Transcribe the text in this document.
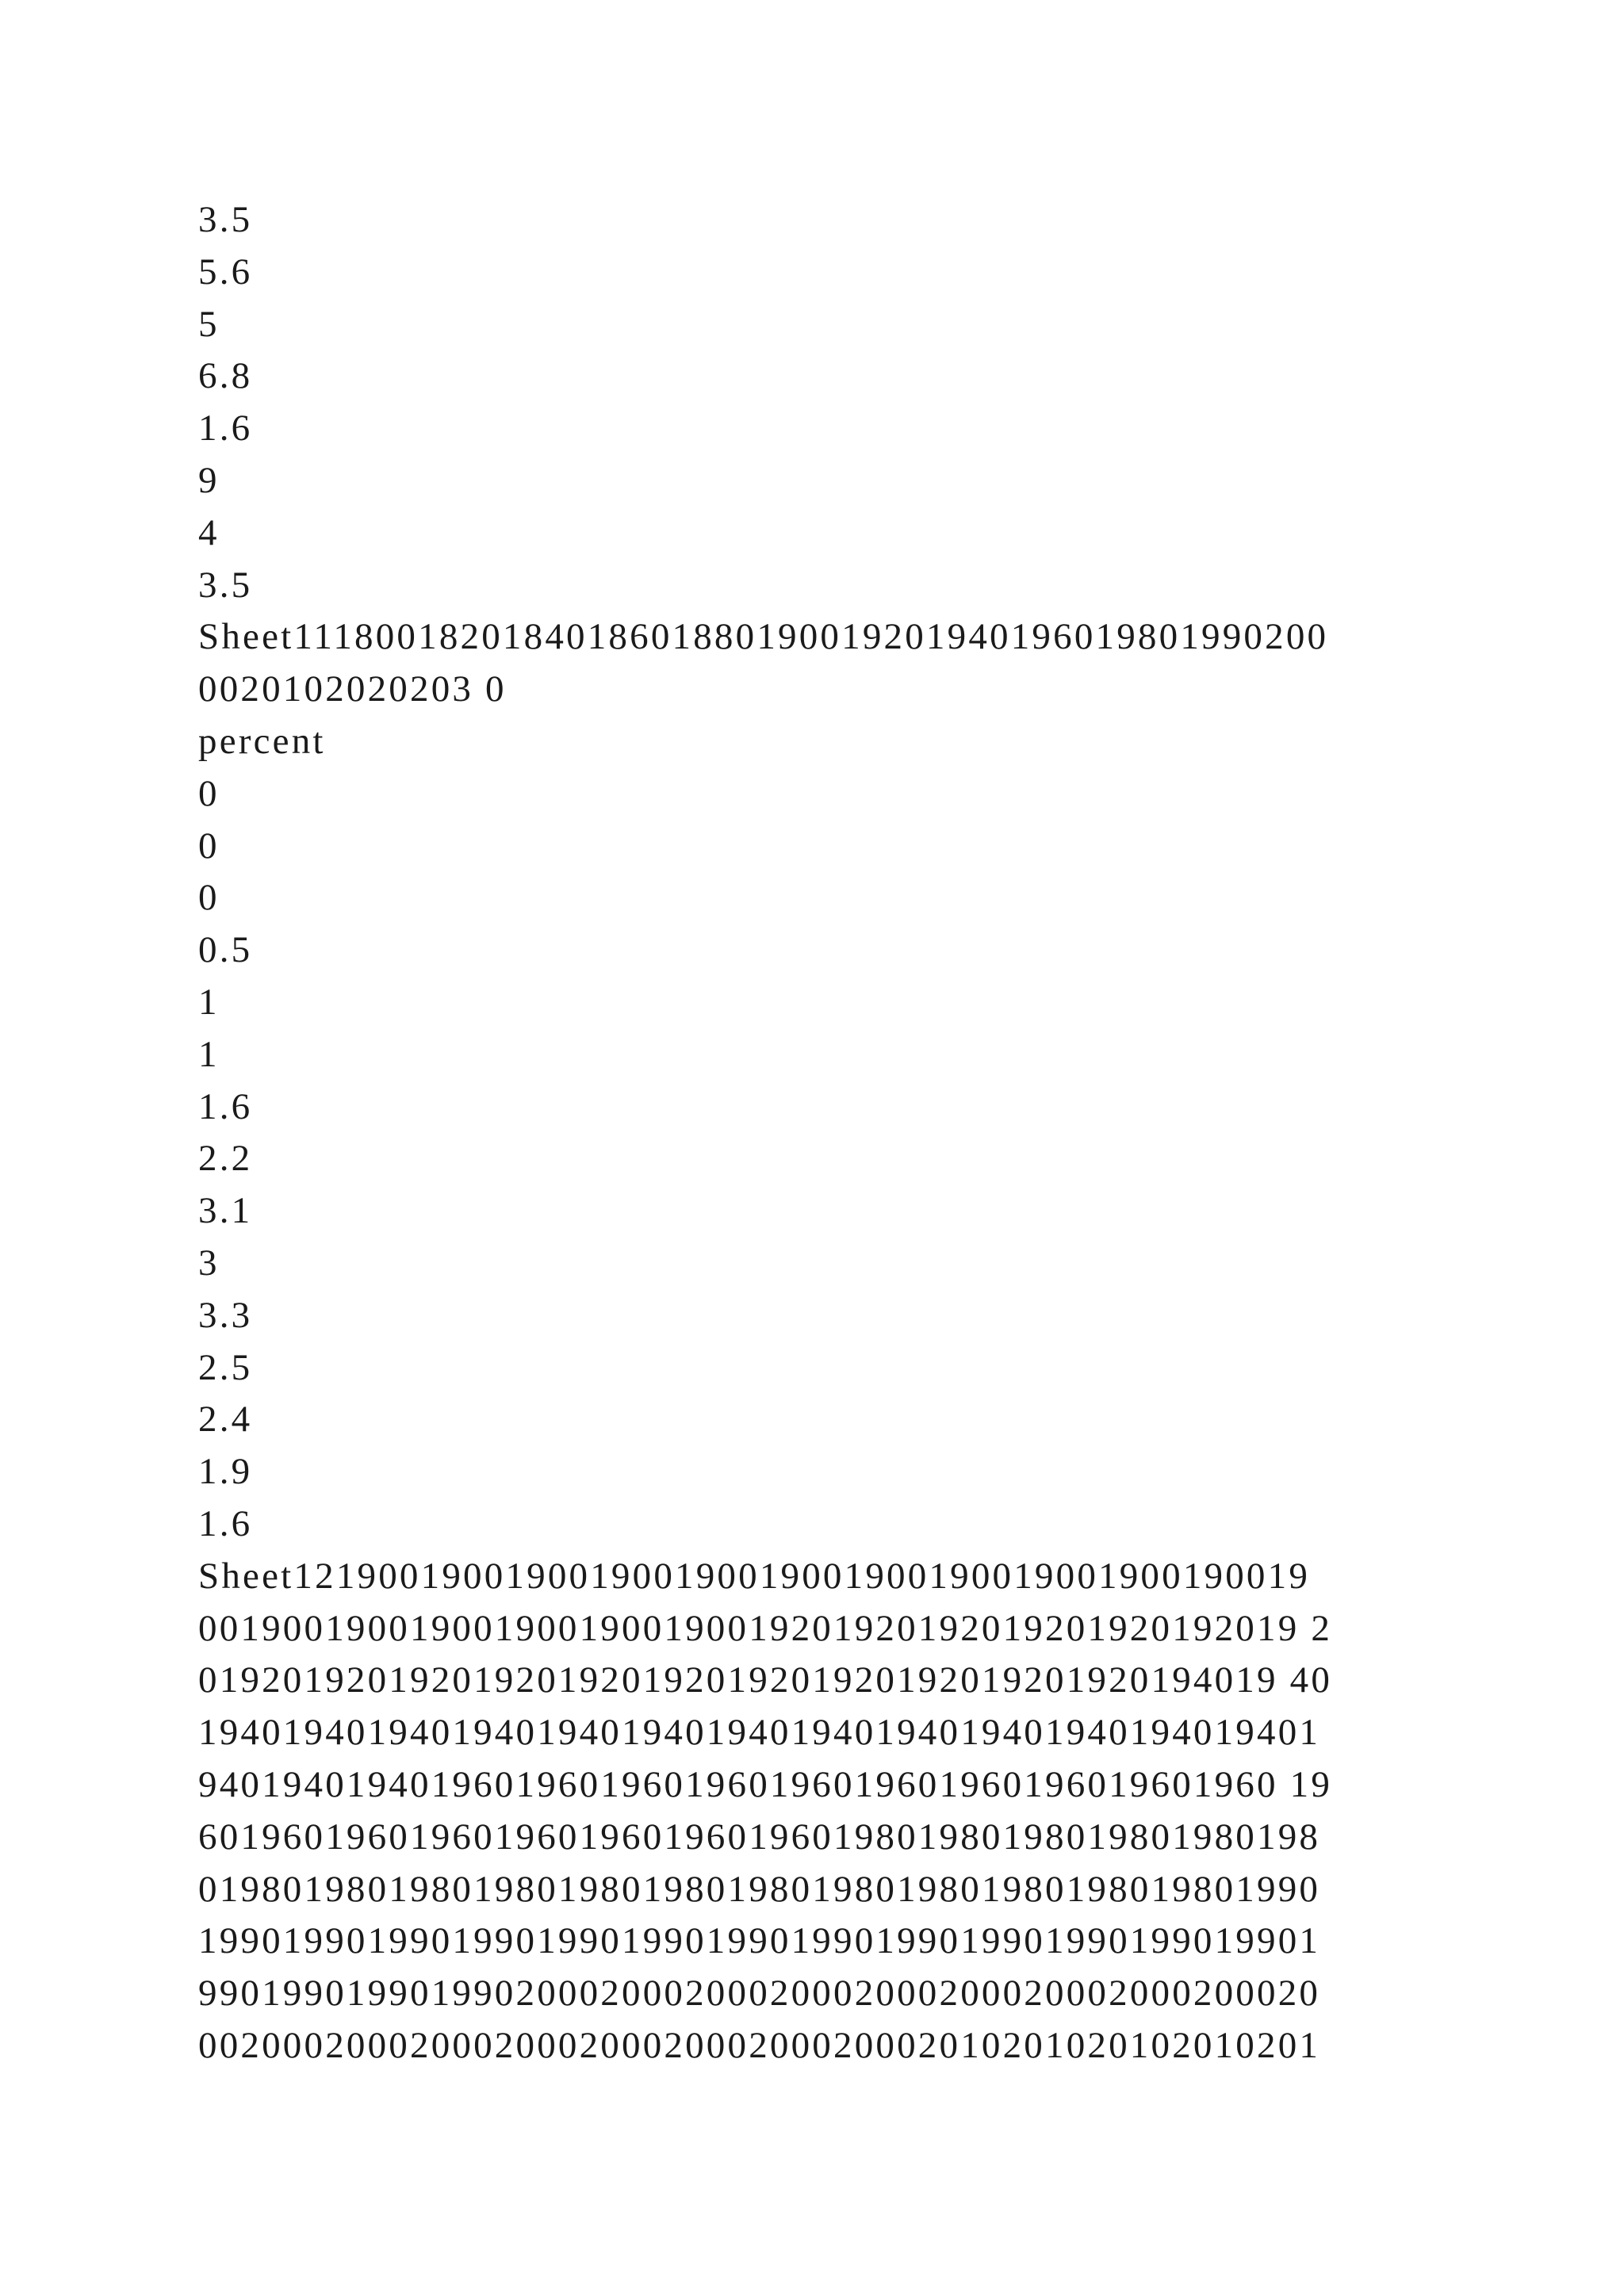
3.5
5.6
5
6.8
1.6
9
4
3.5
Sheet1118001820184018601880190019201940196019801990200
0020102020203 0
percent
0
0
0
0.5
1
1
1.6
2.2
3.1
3
3.3
2.5
2.4
1.9
1.6
Sheet121900190019001900190019001900190019001900190019
0019001900190019001900190019201920192019201920192019 2
019201920192019201920192019201920192019201920194019 40
19401940194019401940194019401940194019401940194019401
940194019401960196019601960196019601960196019601960 19
60196019601960196019601960196019801980198019801980198
01980198019801980198019801980198019801980198019801990
19901990199019901990199019901990199019901990199019901
99019901990199020002000200020002000200020002000200020
00200020002000200020002000200020002010201020102010201
